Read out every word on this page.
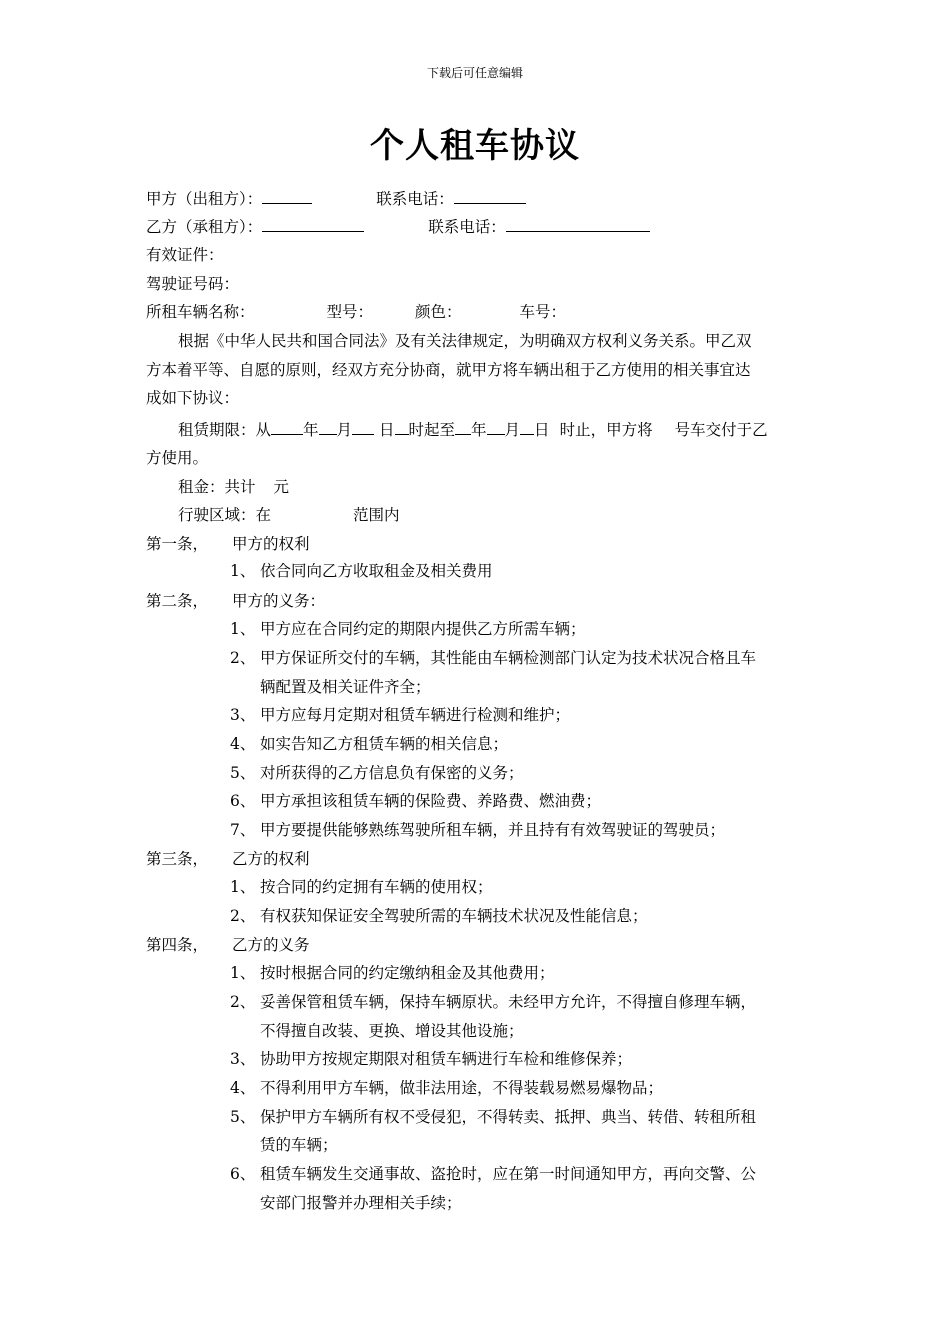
下载后可任意编辑
个人租车协议
甲方（出租方）：	联系电话：
乙方（承租方）：	联系电话：
有效证件：
驾驶证号码：
所租车辆名称：	型号：	颜色：	车号：
根据《中华人民共和国合同法》及有关法律规定，为明确双方权利义务关系。甲乙双
方本着平等、自愿的原则，经双方充分协商，就甲方将车辆出租于乙方使用的相关事宜达
成如下协议：
租赁期限：从 年 月 日 时起至 年 月 日 时止，甲方将 号车交付于乙
方使用。
租金：共计 元
行驶区域：在	范围内
第一条， 甲方的权利
1、 依合同向乙方收取租金及相关费用
第二条， 甲方的义务：
1、 甲方应在合同约定的期限内提供乙方所需车辆；
2、 甲方保证所交付的车辆，其性能由车辆检测部门认定为技术状况合格且车
辆配置及相关证件齐全；
3、 甲方应每月定期对租赁车辆进行检测和维护；
4、 如实告知乙方租赁车辆的相关信息；
5、 对所获得的乙方信息负有保密的义务；
6、 甲方承担该租赁车辆的保险费、养路费、燃油费；
7、 甲方要提供能够熟练驾驶所租车辆，并且持有有效驾驶证的驾驶员；
第三条， 乙方的权利
1、 按合同的约定拥有车辆的使用权；
2、 有权获知保证安全驾驶所需的车辆技术状况及性能信息；
第四条， 乙方的义务
1、 按时根据合同的约定缴纳租金及其他费用；
2、 妥善保管租赁车辆，保持车辆原状。未经甲方允许，不得擅自修理车辆，
不得擅自改装、更换、增设其他设施；
3、 协助甲方按规定期限对租赁车辆进行车检和维修保养；
4、 不得利用甲方车辆，做非法用途，不得装载易燃易爆物品；
5、 保护甲方车辆所有权不受侵犯，不得转卖、抵押、典当、转借、转租所租
赁的车辆；
6、 租赁车辆发生交通事故、盗抢时，应在第一时间通知甲方，再向交警、公
安部门报警并办理相关手续；
